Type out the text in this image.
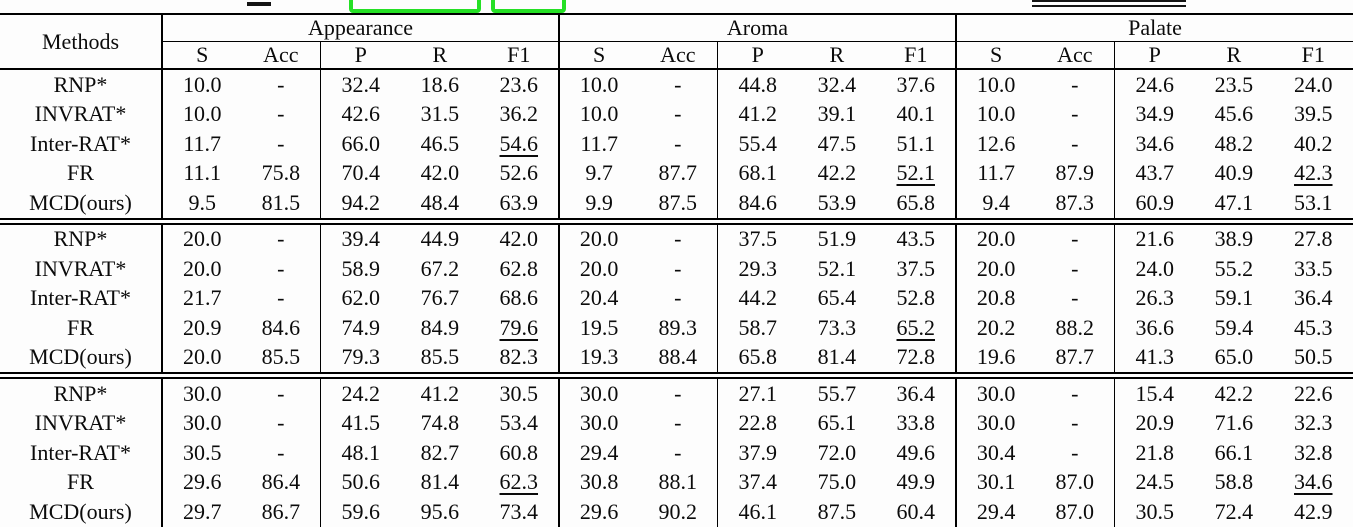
Methods	Appearance					Aroma					Palate				
	S	Acc	P	R	F1	S	Acc	P	R	F1	S	Acc	P	R	F1
RNP*	10.0	-	32.4	18.6	23.6	10.0	-	44.8	32.4	37.6	10.0	-	24.6	23.5	24.0
INVRAT*	10.0	-	42.6	31.5	36.2	10.0	-	41.2	39.1	40.1	10.0	-	34.9	45.6	39.5
Inter-RAT*	11.7	-	66.0	46.5	54.6	11.7	-	55.4	47.5	51.1	12.6	-	34.6	48.2	40.2
FR	11.1	75.8	70.4	42.0	52.6	9.7	87.7	68.1	42.2	52.1	11.7	87.9	43.7	40.9	42.3
MCD(ours)	9.5	81.5	94.2	48.4	63.9	9.9	87.5	84.6	53.9	65.8	9.4	87.3	60.9	47.1	53.1
RNP*	20.0	-	39.4	44.9	42.0	20.0	-	37.5	51.9	43.5	20.0	-	21.6	38.9	27.8
INVRAT*	20.0	-	58.9	67.2	62.8	20.0	-	29.3	52.1	37.5	20.0	-	24.0	55.2	33.5
Inter-RAT*	21.7	-	62.0	76.7	68.6	20.4	-	44.2	65.4	52.8	20.8	-	26.3	59.1	36.4
FR	20.9	84.6	74.9	84.9	79.6	19.5	89.3	58.7	73.3	65.2	20.2	88.2	36.6	59.4	45.3
MCD(ours)	20.0	85.5	79.3	85.5	82.3	19.3	88.4	65.8	81.4	72.8	19.6	87.7	41.3	65.0	50.5
RNP*	30.0	-	24.2	41.2	30.5	30.0	-	27.1	55.7	36.4	30.0	-	15.4	42.2	22.6
INVRAT*	30.0	-	41.5	74.8	53.4	30.0	-	22.8	65.1	33.8	30.0	-	20.9	71.6	32.3
Inter-RAT*	30.5	-	48.1	82.7	60.8	29.4	-	37.9	72.0	49.6	30.4	-	21.8	66.1	32.8
FR	29.6	86.4	50.6	81.4	62.3	30.8	88.1	37.4	75.0	49.9	30.1	87.0	24.5	58.8	34.6
MCD(ours)	29.7	86.7	59.6	95.6	73.4	29.6	90.2	46.1	87.5	60.4	29.4	87.0	30.5	72.4	42.9
